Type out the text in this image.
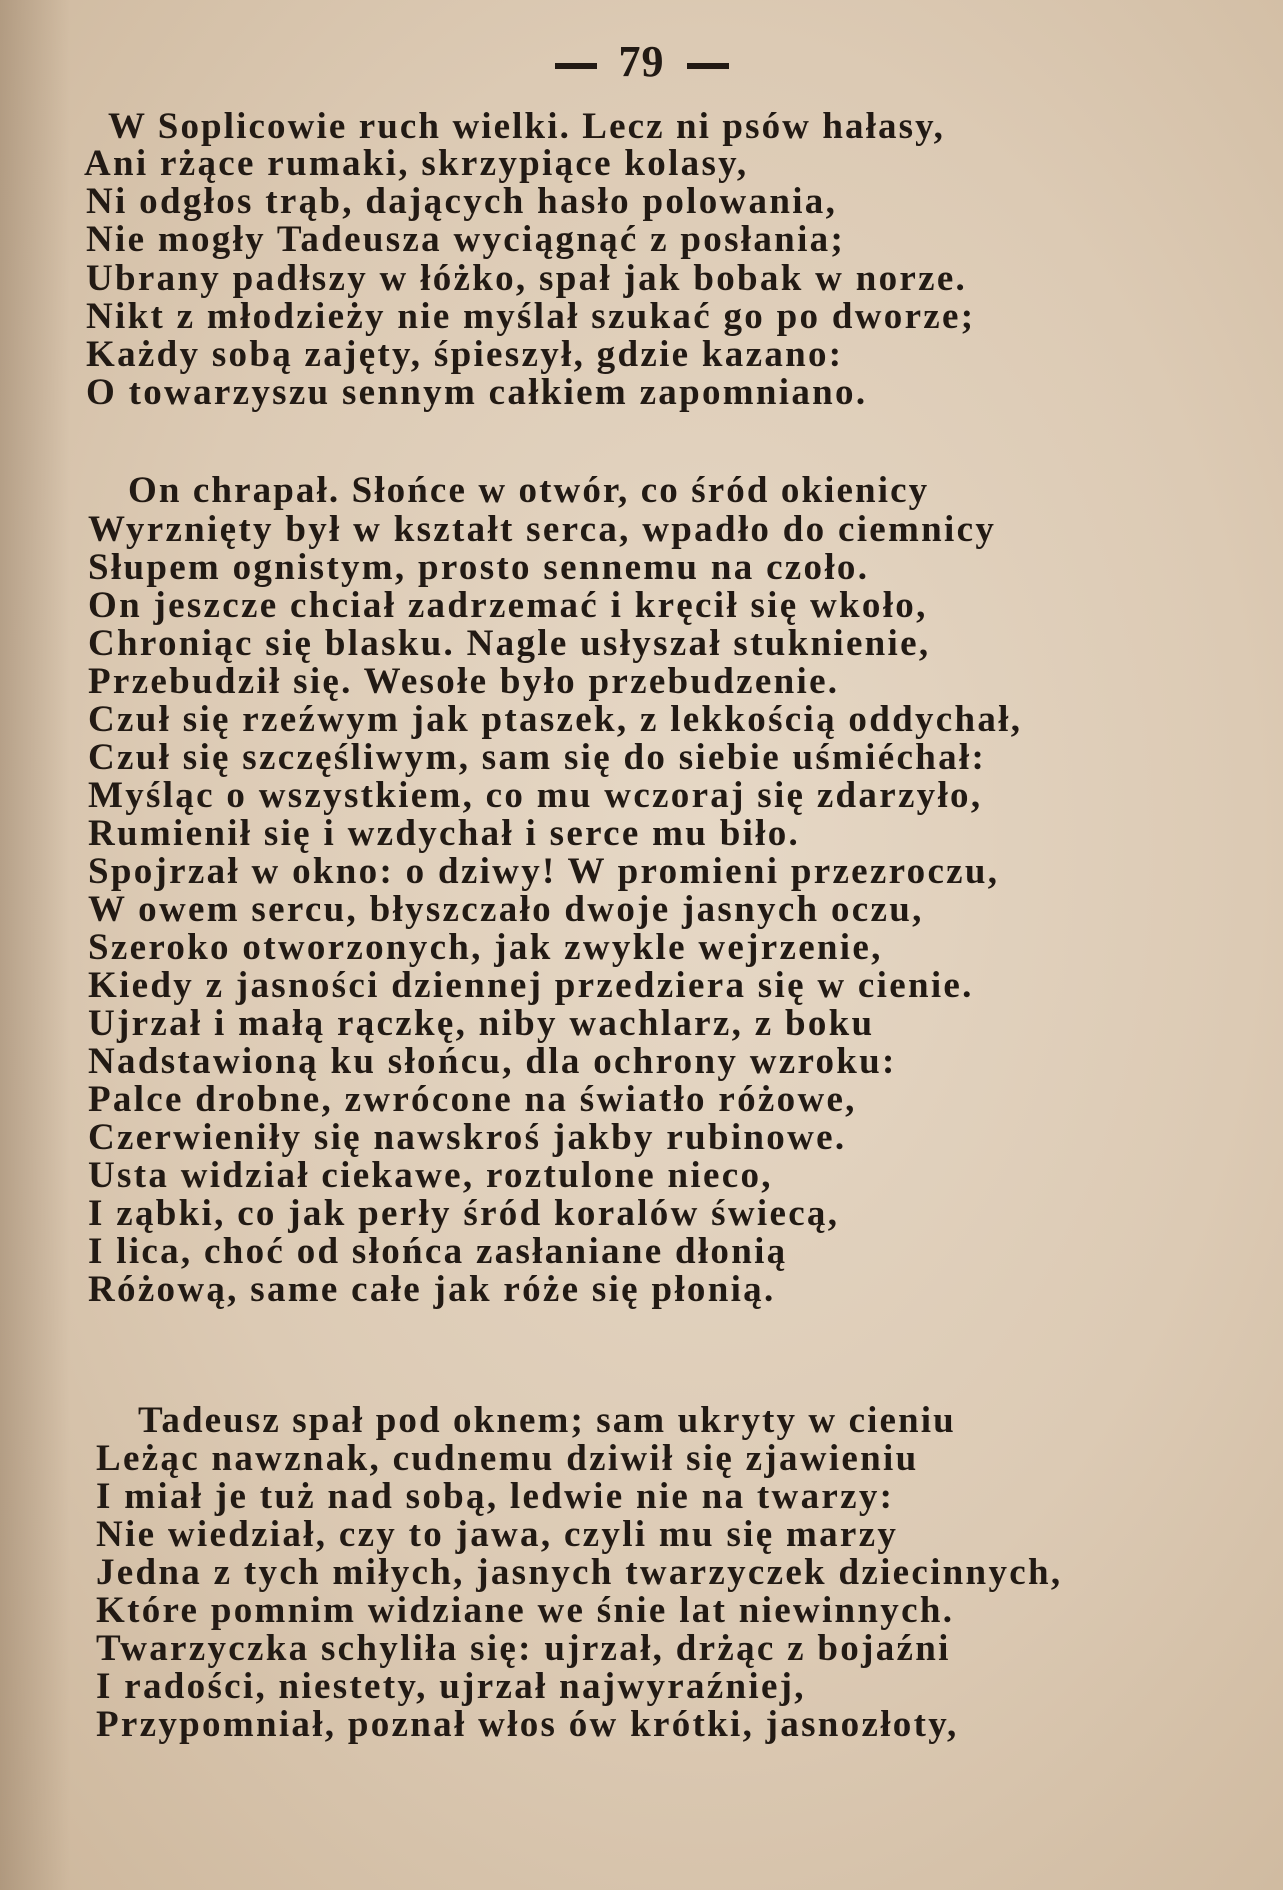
79
W Soplicowie ruch wielki. Lecz ni psów hałasy,
Ani rżące rumaki, skrzypiące kolasy,
Ni odgłos trąb, dających hasło polowania,
Nie mogły Tadeusza wyciągnąć z posłania;
Ubrany padłszy w łóżko, spał jak bobak w norze.
Nikt z młodzieży nie myślał szukać go po dworze;
Każdy sobą zajęty, śpieszył, gdzie kazano:
O towarzyszu sennym całkiem zapomniano.
On chrapał. Słońce w otwór, co śród okienicy
Wyrznięty był w kształt serca, wpadło do ciemnicy
Słupem ognistym, prosto sennemu na czoło.
On jeszcze chciał zadrzemać i kręcił się wkoło,
Chroniąc się blasku. Nagle usłyszał stuknienie,
Przebudził się. Wesołe było przebudzenie.
Czuł się rzeźwym jak ptaszek, z lekkością oddychał,
Czuł się szczęśliwym, sam się do siebie uśmiéchał:
Myśląc o wszystkiem, co mu wczoraj się zdarzyło,
Rumienił się i wzdychał i serce mu biło.
Spojrzał w okno: o dziwy! W promieni przezroczu,
W owem sercu, błyszczało dwoje jasnych oczu,
Szeroko otworzonych, jak zwykle wejrzenie,
Kiedy z jasności dziennej przedziera się w cienie.
Ujrzał i małą rączkę, niby wachlarz, z boku
Nadstawioną ku słońcu, dla ochrony wzroku:
Palce drobne, zwrócone na światło różowe,
Czerwieniły się nawskroś jakby rubinowe.
Usta widział ciekawe, roztulone nieco,
I ząbki, co jak perły śród koralów świecą,
I lica, choć od słońca zasłaniane dłonią
Różową, same całe jak róże się płonią.
Tadeusz spał pod oknem; sam ukryty w cieniu
Leżąc nawznak, cudnemu dziwił się zjawieniu
I miał je tuż nad sobą, ledwie nie na twarzy:
Nie wiedział, czy to jawa, czyli mu się marzy
Jedna z tych miłych, jasnych twarzyczek dziecinnych,
Które pomnim widziane we śnie lat niewinnych.
Twarzyczka schyliła się: ujrzał, drżąc z bojaźni
I radości, niestety, ujrzał najwyraźniej,
Przypomniał, poznał włos ów krótki, jasnozłoty,
